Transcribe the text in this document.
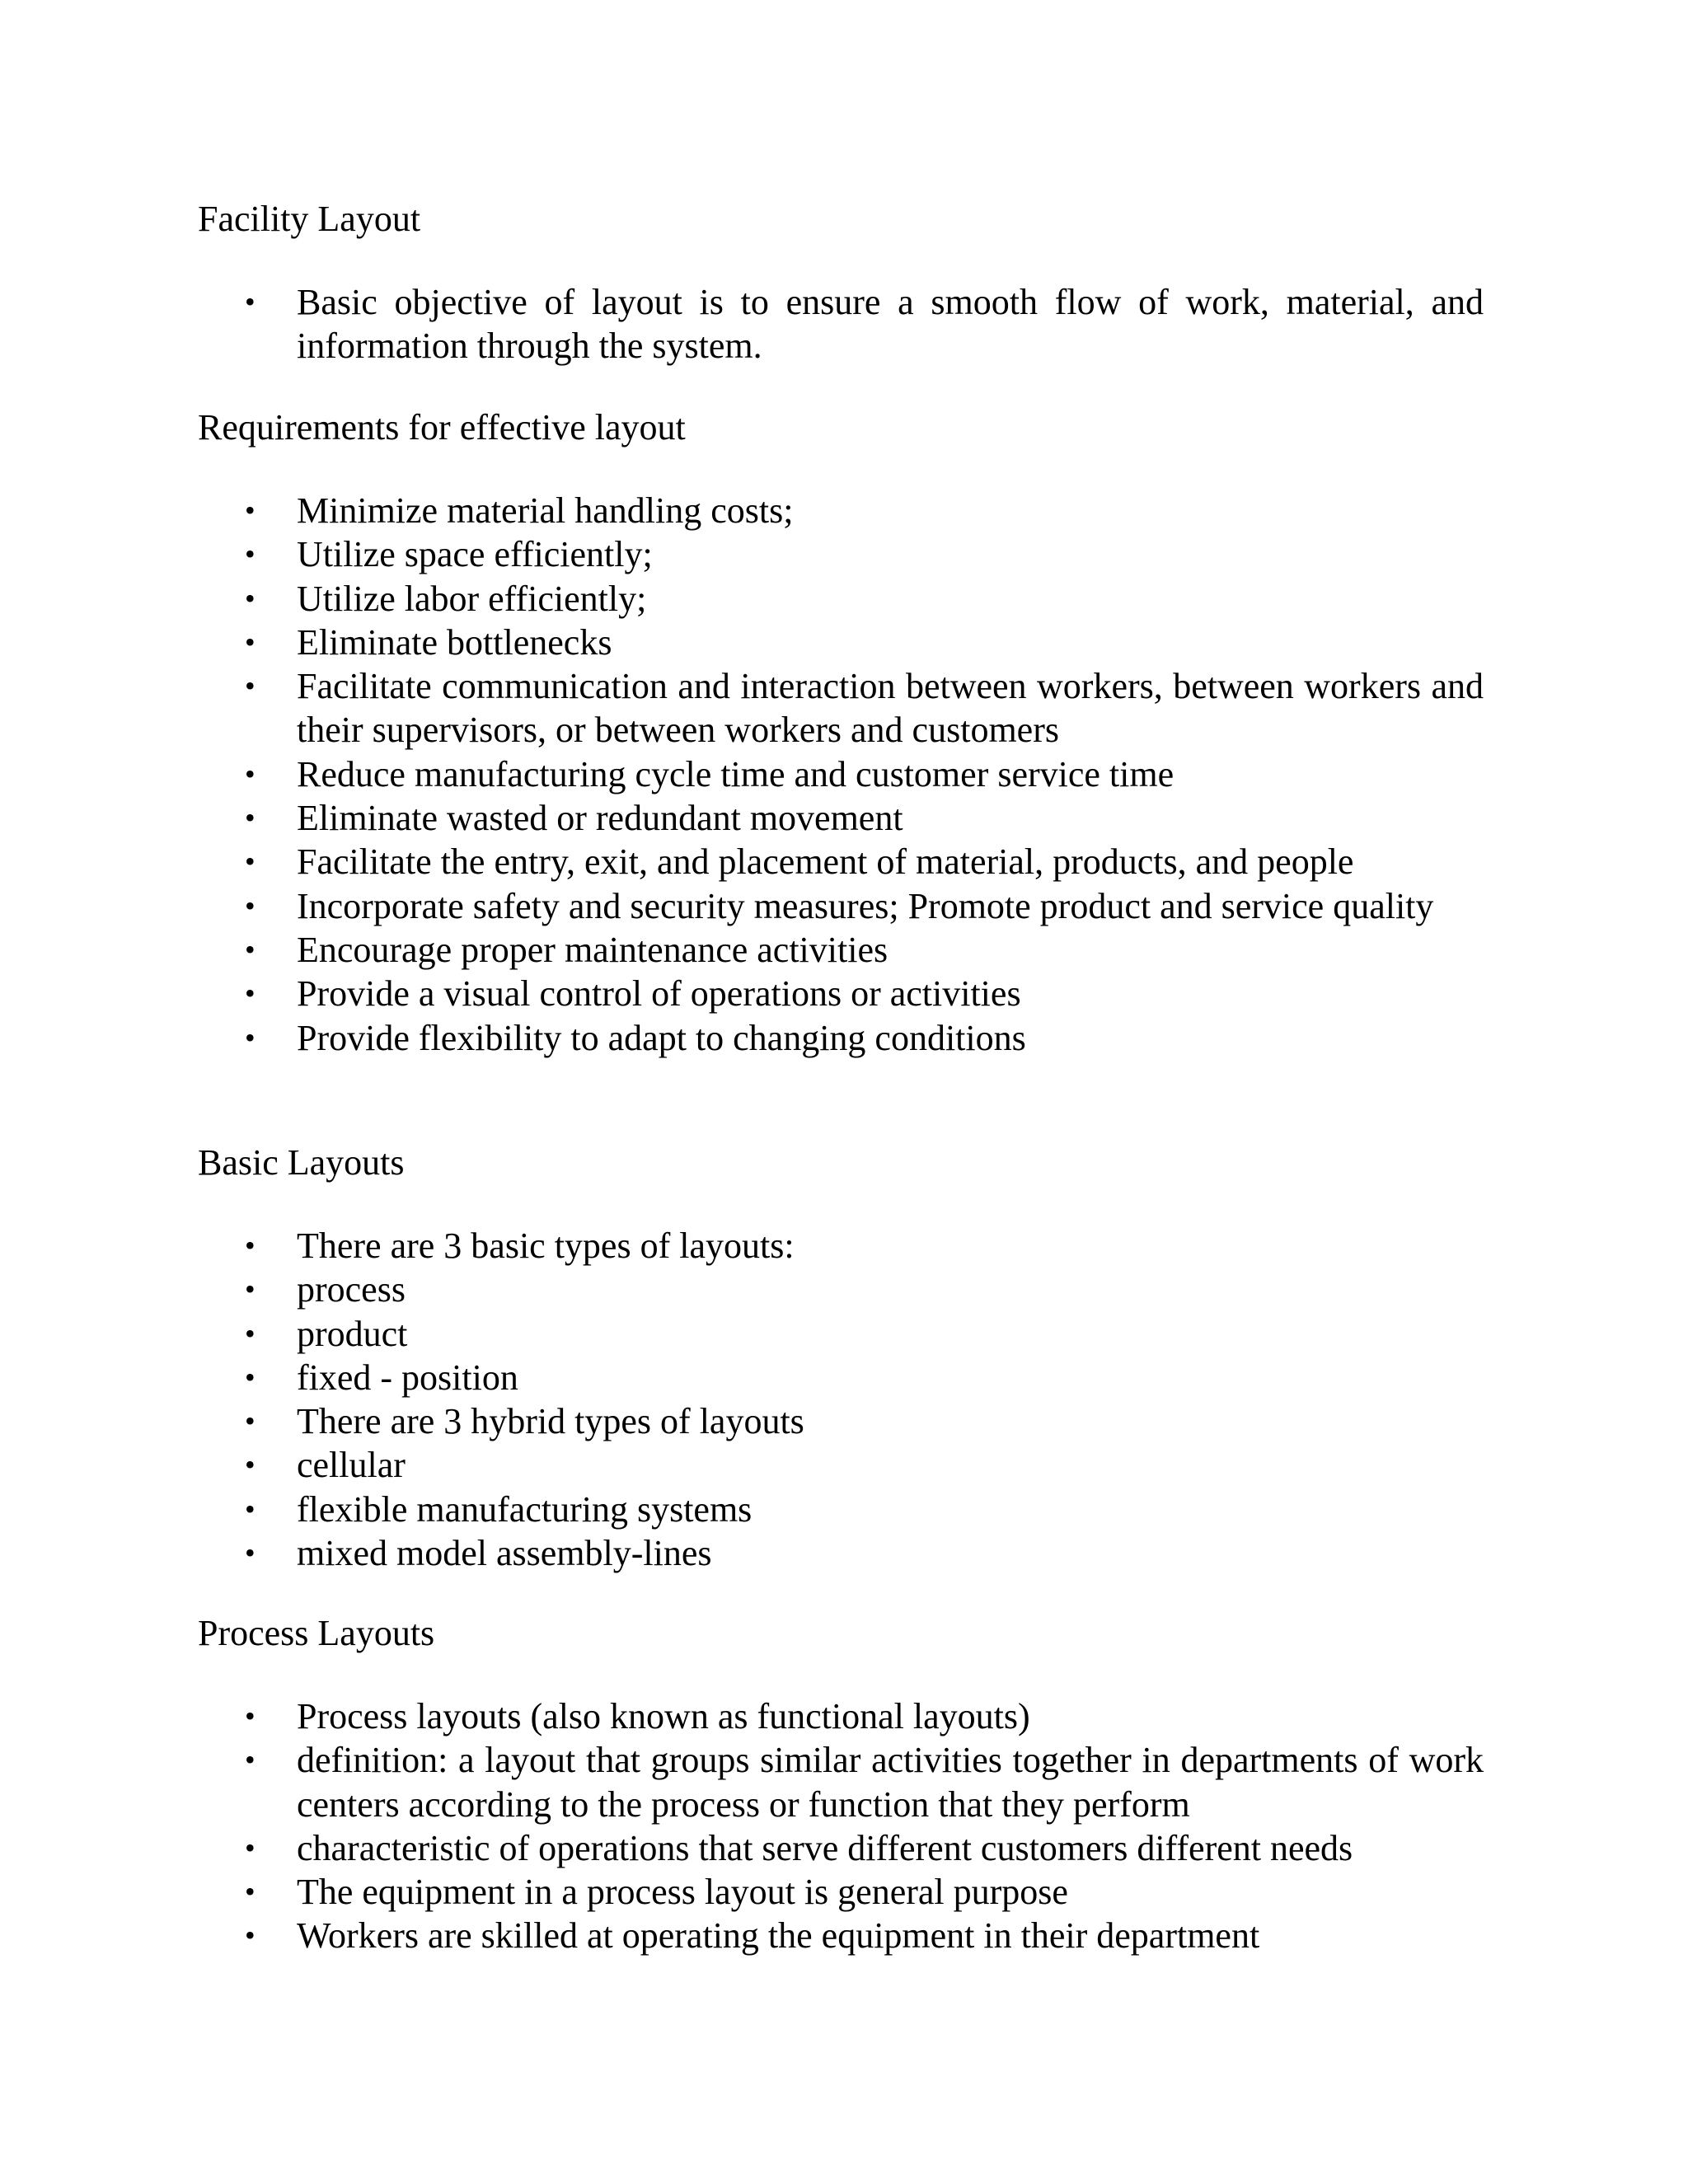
Facility Layout
• Basic objective of layout is to ensure a smooth flow of work, material, and information through the system.
Requirements for effective layout
• Minimize material handling costs;
• Utilize space efficiently;
• Utilize labor efficiently;
• Eliminate bottlenecks
• Facilitate communication and interaction between workers, between workers and their supervisors, or between workers and customers
• Reduce manufacturing cycle time and customer service time
• Eliminate wasted or redundant movement
• Facilitate the entry, exit, and placement of material, products, and people
• Incorporate safety and security measures; Promote product and service quality
• Encourage proper maintenance activities
• Provide a visual control of operations or activities
• Provide flexibility to adapt to changing conditions
Basic Layouts
• There are 3 basic types of layouts:
• process
• product
• fixed - position
• There are 3 hybrid types of layouts
• cellular
• flexible manufacturing systems
• mixed model assembly-lines
Process Layouts
• Process layouts (also known as functional layouts)
• definition: a layout that groups similar activities together in departments of work centers according to the process or function that they perform
• characteristic of operations that serve different customers different needs
• The equipment in a process layout is general purpose
• Workers are skilled at operating the equipment in their department
